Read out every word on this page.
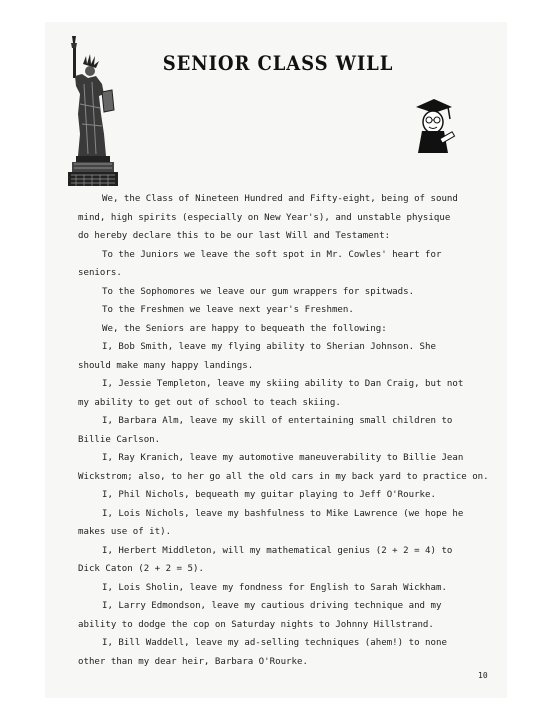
SENIOR CLASS WILL

We, the Class of Nineteen Hundred and Fifty-eight, being of sound

mind, high spirits (especially on New Year's), and unstable physique

do hereby declare this to be our last Will and Testament:

To the Juniors we leave the soft spot in Mr. Cowles' heart for

seniors.

To the Sophomores we leave our gum wrappers for spitwads.

To the Freshmen we leave next year's Freshmen.

We, the Seniors are happy to bequeath the following:

I, Bob Smith, leave my flying ability to Sherian Johnson. She

should make many happy landings.

I, Jessie Templeton, leave my skiing ability to Dan Craig, but not

my ability to get out of school to teach skiing.

I, Barbara Alm, leave my skill of entertaining small children to

Billie Carlson.

I, Ray Kranich, leave my automotive maneuverability to Billie Jean

Wickstrom; also, to her go all the old cars in my back yard to practice on.

I, Phil Nichols, bequeath my guitar playing to Jeff O'Rourke.

I, Lois Nichols, leave my bashfulness to Mike Lawrence (we hope he

makes use of it).

I, Herbert Middleton, will my mathematical genius (2 + 2 = 4) to

Dick Caton (2 + 2 = 5).

I, Lois Sholin, leave my fondness for English to Sarah Wickham.

I, Larry Edmondson, leave my cautious driving technique and my

ability to dodge the cop on Saturday nights to Johnny Hillstrand.

I, Bill Waddell, leave my ad-selling techniques (ahem!) to none

other than my dear heir, Barbara O'Rourke.

10
